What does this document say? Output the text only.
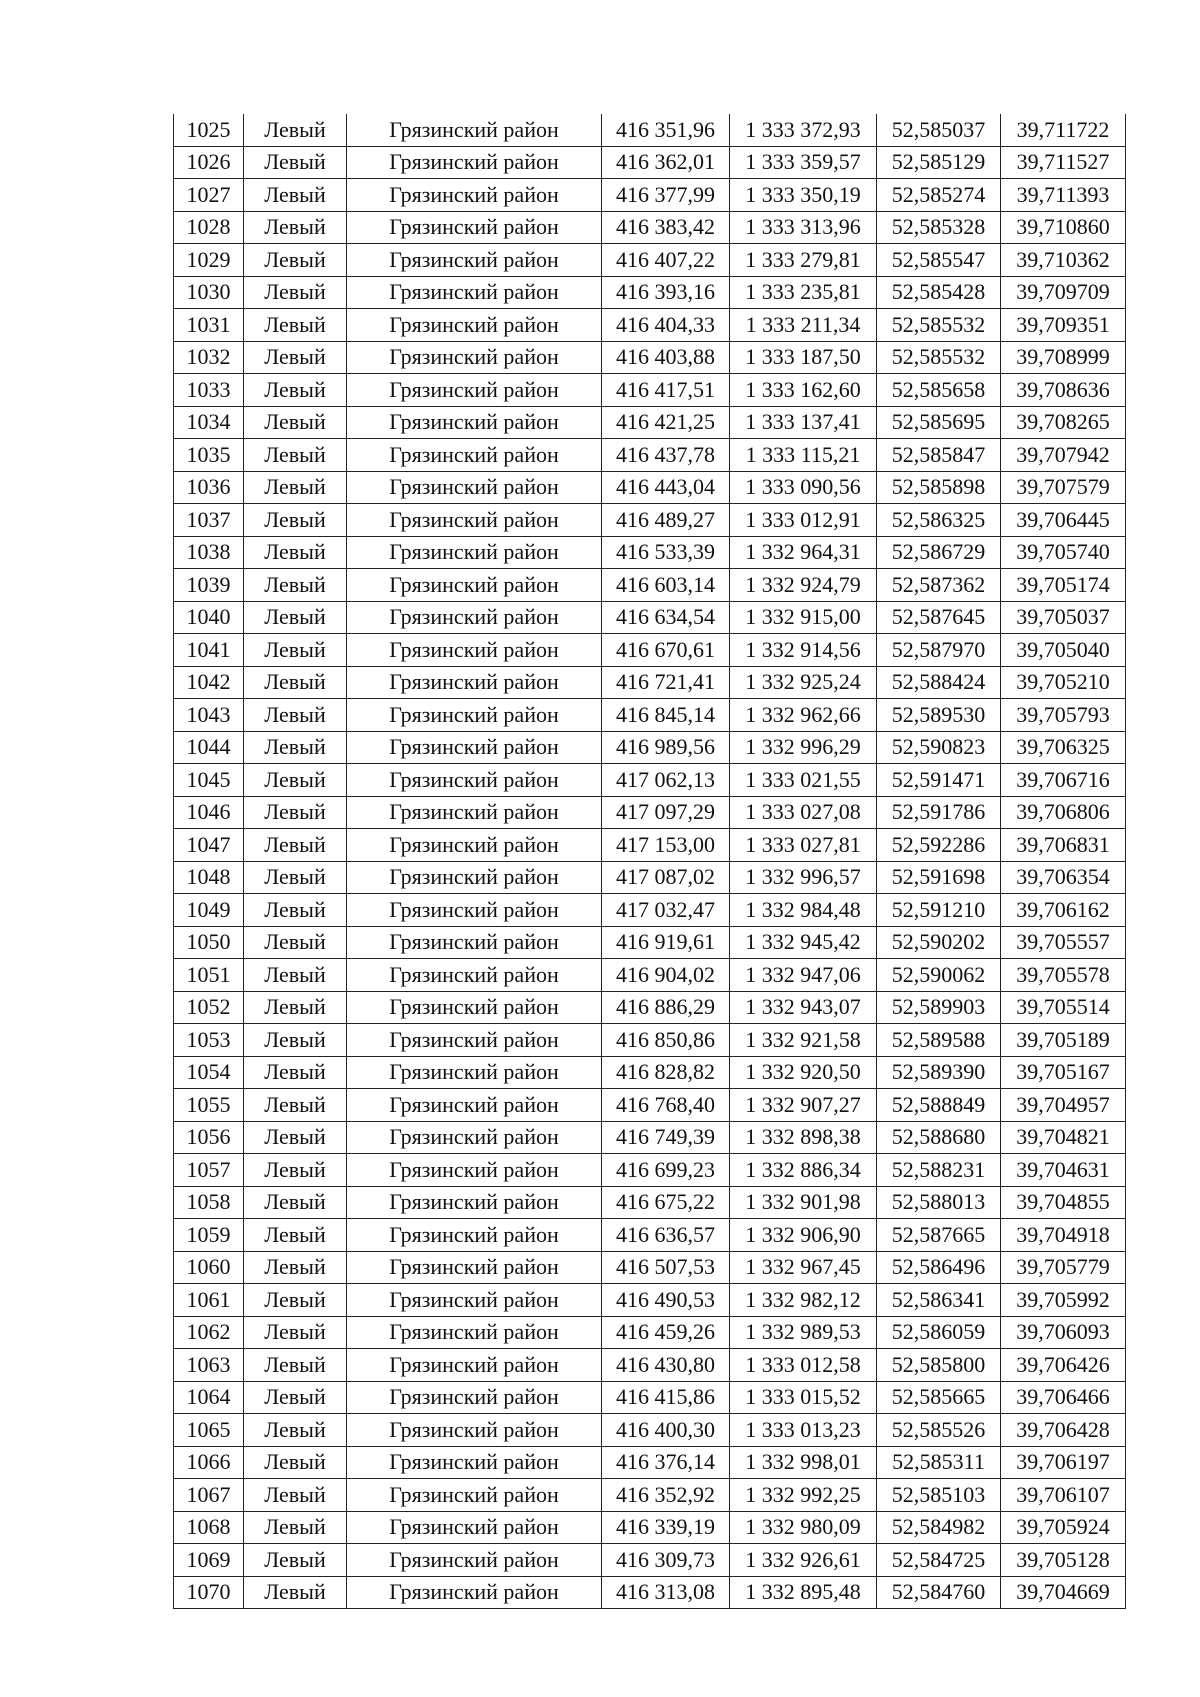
1025	Левый	Грязинский район	416 351,96	1 333 372,93	52,585037	39,711722
1026	Левый	Грязинский район	416 362,01	1 333 359,57	52,585129	39,711527
1027	Левый	Грязинский район	416 377,99	1 333 350,19	52,585274	39,711393
1028	Левый	Грязинский район	416 383,42	1 333 313,96	52,585328	39,710860
1029	Левый	Грязинский район	416 407,22	1 333 279,81	52,585547	39,710362
1030	Левый	Грязинский район	416 393,16	1 333 235,81	52,585428	39,709709
1031	Левый	Грязинский район	416 404,33	1 333 211,34	52,585532	39,709351
1032	Левый	Грязинский район	416 403,88	1 333 187,50	52,585532	39,708999
1033	Левый	Грязинский район	416 417,51	1 333 162,60	52,585658	39,708636
1034	Левый	Грязинский район	416 421,25	1 333 137,41	52,585695	39,708265
1035	Левый	Грязинский район	416 437,78	1 333 115,21	52,585847	39,707942
1036	Левый	Грязинский район	416 443,04	1 333 090,56	52,585898	39,707579
1037	Левый	Грязинский район	416 489,27	1 333 012,91	52,586325	39,706445
1038	Левый	Грязинский район	416 533,39	1 332 964,31	52,586729	39,705740
1039	Левый	Грязинский район	416 603,14	1 332 924,79	52,587362	39,705174
1040	Левый	Грязинский район	416 634,54	1 332 915,00	52,587645	39,705037
1041	Левый	Грязинский район	416 670,61	1 332 914,56	52,587970	39,705040
1042	Левый	Грязинский район	416 721,41	1 332 925,24	52,588424	39,705210
1043	Левый	Грязинский район	416 845,14	1 332 962,66	52,589530	39,705793
1044	Левый	Грязинский район	416 989,56	1 332 996,29	52,590823	39,706325
1045	Левый	Грязинский район	417 062,13	1 333 021,55	52,591471	39,706716
1046	Левый	Грязинский район	417 097,29	1 333 027,08	52,591786	39,706806
1047	Левый	Грязинский район	417 153,00	1 333 027,81	52,592286	39,706831
1048	Левый	Грязинский район	417 087,02	1 332 996,57	52,591698	39,706354
1049	Левый	Грязинский район	417 032,47	1 332 984,48	52,591210	39,706162
1050	Левый	Грязинский район	416 919,61	1 332 945,42	52,590202	39,705557
1051	Левый	Грязинский район	416 904,02	1 332 947,06	52,590062	39,705578
1052	Левый	Грязинский район	416 886,29	1 332 943,07	52,589903	39,705514
1053	Левый	Грязинский район	416 850,86	1 332 921,58	52,589588	39,705189
1054	Левый	Грязинский район	416 828,82	1 332 920,50	52,589390	39,705167
1055	Левый	Грязинский район	416 768,40	1 332 907,27	52,588849	39,704957
1056	Левый	Грязинский район	416 749,39	1 332 898,38	52,588680	39,704821
1057	Левый	Грязинский район	416 699,23	1 332 886,34	52,588231	39,704631
1058	Левый	Грязинский район	416 675,22	1 332 901,98	52,588013	39,704855
1059	Левый	Грязинский район	416 636,57	1 332 906,90	52,587665	39,704918
1060	Левый	Грязинский район	416 507,53	1 332 967,45	52,586496	39,705779
1061	Левый	Грязинский район	416 490,53	1 332 982,12	52,586341	39,705992
1062	Левый	Грязинский район	416 459,26	1 332 989,53	52,586059	39,706093
1063	Левый	Грязинский район	416 430,80	1 333 012,58	52,585800	39,706426
1064	Левый	Грязинский район	416 415,86	1 333 015,52	52,585665	39,706466
1065	Левый	Грязинский район	416 400,30	1 333 013,23	52,585526	39,706428
1066	Левый	Грязинский район	416 376,14	1 332 998,01	52,585311	39,706197
1067	Левый	Грязинский район	416 352,92	1 332 992,25	52,585103	39,706107
1068	Левый	Грязинский район	416 339,19	1 332 980,09	52,584982	39,705924
1069	Левый	Грязинский район	416 309,73	1 332 926,61	52,584725	39,705128
1070	Левый	Грязинский район	416 313,08	1 332 895,48	52,584760	39,704669
